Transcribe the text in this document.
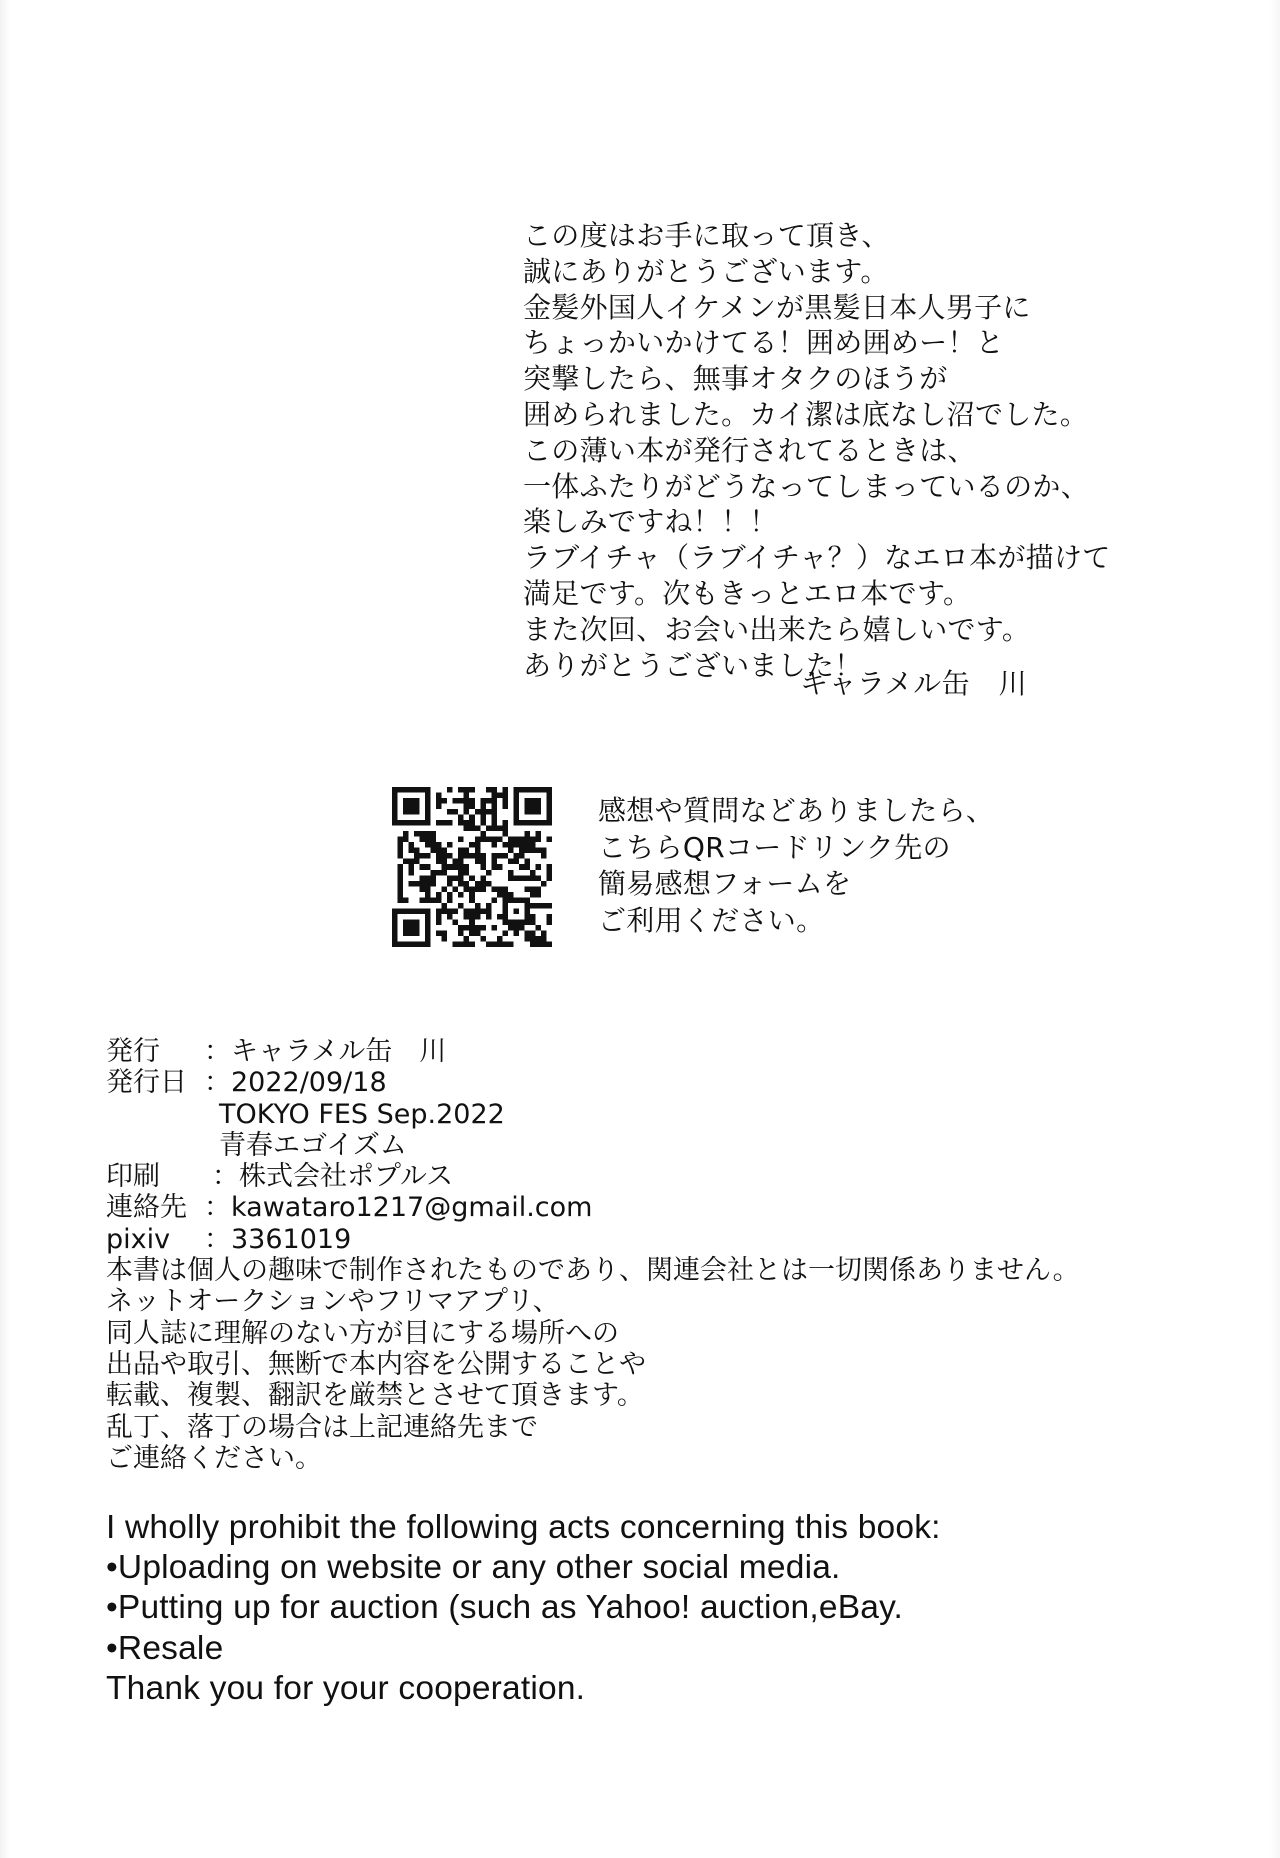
この度はお手に取って頂き、
誠にありがとうございます。
金髪外国人イケメンが黒髪日本人男子に
ちょっかいかけてる！囲め囲めー！と
突撃したら、無事オタクのほうが
囲められました。カイ潔は底なし沼でした。
この薄い本が発行されてるときは、
一体ふたりがどうなってしまっているのか、
楽しみですね！！！
ラブイチャ（ラブイチャ？）なエロ本が描けて
満足です。次もきっとエロ本です。
また次回、お会い出来たら嬉しいです。
ありがとうございました！
キャラメル缶　川
感想や質問などありましたら、
こちらQRコードリンク先の
簡易感想フォームを
ご利用ください。
発行	：キャラメル缶　川
発行日 ：2022/09/18
TOKYO FES Sep.2022
青春エゴイズム
印刷	：株式会社ポプルス
連絡先 ：kawataro1217@gmail.com
pixiv	：3361019
本書は個人の趣味で制作されたものであり、関連会社とは一切関係ありません。
ネットオークションやフリマアプリ、
同人誌に理解のない方が目にする場所への
出品や取引、無断で本内容を公開することや
転載、複製、翻訳を厳禁とさせて頂きます。
乱丁、落丁の場合は上記連絡先まで
ご連絡ください。
I wholly prohibit the following acts concerning this book:
•Uploading on website or any other social media.
•Putting up for auction (such as Yahoo! auction,eBay.
•Resale
Thank you for your cooperation.
